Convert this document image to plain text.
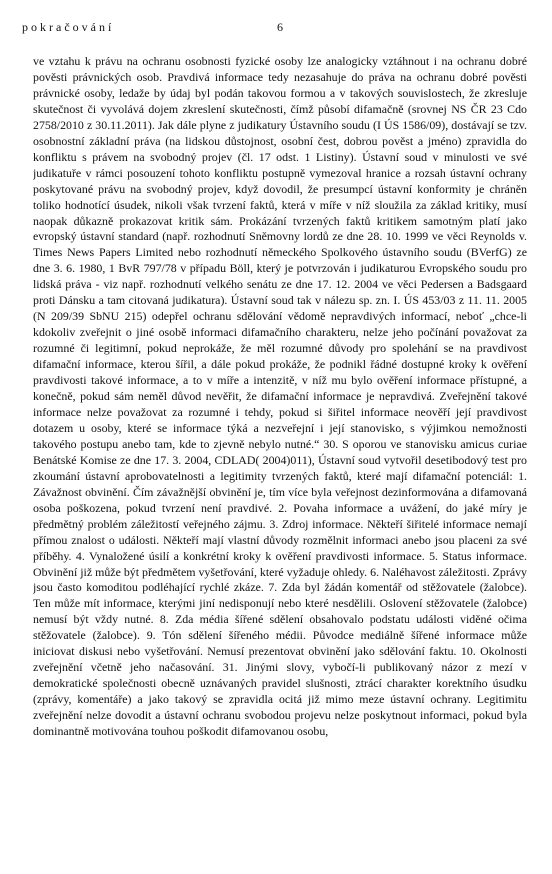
pokračování	6

ve vztahu k právu na ochranu osobnosti fyzické osoby lze analogicky vztáhnout i na ochranu dobré pověsti právnických osob. Pravdivá informace tedy nezasahuje do práva na ochranu dobré pověsti právnické osoby, ledaže by údaj byl podán takovou formou a v takových souvislostech, že zkresluje skutečnost či vyvolává dojem zkreslení skutečnosti, čímž působí difamačně (srovnej NS ČR 23 Cdo 2758/2010 z 30.11.2011). Jak dále plyne z judikatury Ústavního soudu (I ÚS 1586/09), dostávají se tzv. osobnostní základní práva (na lidskou důstojnost, osobní čest, dobrou pověst a jméno) zpravidla do konfliktu s právem na svobodný projev (čl. 17 odst. 1 Listiny). Ústavní soud v minulosti ve své judikatuře v rámci posouzení tohoto konfliktu postupně vymezoval hranice a rozsah ústavní ochrany poskytované právu na svobodný projev, když dovodil, že presumpcí ústavní konformity je chráněn toliko hodnotící úsudek, nikoli však tvrzení faktů, která v míře v níž sloužila za základ kritiky, musí naopak důkazně prokazovat kritik sám. Prokázání tvrzených faktů kritikem samotným platí jako evropský ústavní standard (např. rozhodnutí Sněmovny lordů ze dne 28. 10. 1999 ve věci Reynolds v. Times News Papers Limited nebo rozhodnutí německého Spolkového ústavního soudu (BVerfG) ze dne 3. 6. 1980, 1 BvR 797/78 v případu Böll, který je potvrzován i judikaturou Evropského soudu pro lidská práva - viz např. rozhodnutí velkého senátu ze dne 17. 12. 2004 ve věci Pedersen a Badsgaard proti Dánsku a tam citovaná judikatura). Ústavní soud tak v nálezu sp. zn. I. ÚS 453/03 z 11. 11. 2005 (N 209/39 SbNU 215) odepřel ochranu sdělování vědomě nepravdivých informací, neboť „chce-li kdokoliv zveřejnit o jiné osobě informaci difamačního charakteru, nelze jeho počínání považovat za rozumné či legitimní, pokud neprokáže, že měl rozumné důvody pro spolehání se na pravdivost difamační informace, kterou šířil, a dále pokud prokáže, že podnikl řádné dostupné kroky k ověření pravdivosti takové informace, a to v míře a intenzitě, v níž mu bylo ověření informace přístupné, a konečně, pokud sám neměl důvod nevěřit, že difamační informace je nepravdivá. Zveřejnění takové informace nelze považovat za rozumné i tehdy, pokud si šiřitel informace neověří její pravdivost dotazem u osoby, které se informace týká a nezveřejní i její stanovisko, s výjimkou nemožnosti takového postupu anebo tam, kde to zjevně nebylo nutné.“ 30. S oporou ve stanovisku amicus curiae Benátské Komise ze dne 17. 3. 2004, CDLAD( 2004)011), Ústavní soud vytvořil desetibodový test pro zkoumání ústavní aprobovatelnosti a legitimity tvrzených faktů, které mají difamační potenciál: 1. Závažnost obvinění. Čím závažnější obvinění je, tím více byla veřejnost dezinformována a difamovaná osoba poškozena, pokud tvrzení není pravdivé. 2. Povaha informace a uvážení, do jaké míry je předmětný problém záležitostí veřejného zájmu. 3. Zdroj informace. Někteří šiřitelé informace nemají přímou znalost o události. Někteří mají vlastní důvody rozmělnit informaci anebo jsou placeni za své příběhy. 4. Vynaložené úsilí a konkrétní kroky k ověření pravdivosti informace. 5. Status informace. Obvinění již může být předmětem vyšetřování, které vyžaduje ohledy. 6. Naléhavost záležitosti. Zprávy jsou často komoditou podléhající rychlé zkáze. 7. Zda byl žádán komentář od stěžovatele (žalobce). Ten může mít informace, kterými jiní nedisponují nebo které nesdělili. Oslovení stěžovatele (žalobce) nemusí být vždy nutné. 8. Zda média šířené sdělení obsahovalo podstatu události viděné očima stěžovatele (žalobce). 9. Tón sdělení šířeného médii. Původce mediálně šířené informace může iniciovat diskusi nebo vyšetřování. Nemusí prezentovat obvinění jako sdělování faktu. 10. Okolnosti zveřejnění včetně jeho načasování. 31. Jinými slovy, vybočí-li publikovaný názor z mezí v demokratické společnosti obecně uznávaných pravidel slušnosti, ztrácí charakter korektního úsudku (zprávy, komentáře) a jako takový se zpravidla ocitá již mimo meze ústavní ochrany. Legitimitu zveřejnění nelze dovodit a ústavní ochranu svobodou projevu nelze poskytnout informaci, pokud byla dominantně motivována touhou poškodit difamovanou osobu,
